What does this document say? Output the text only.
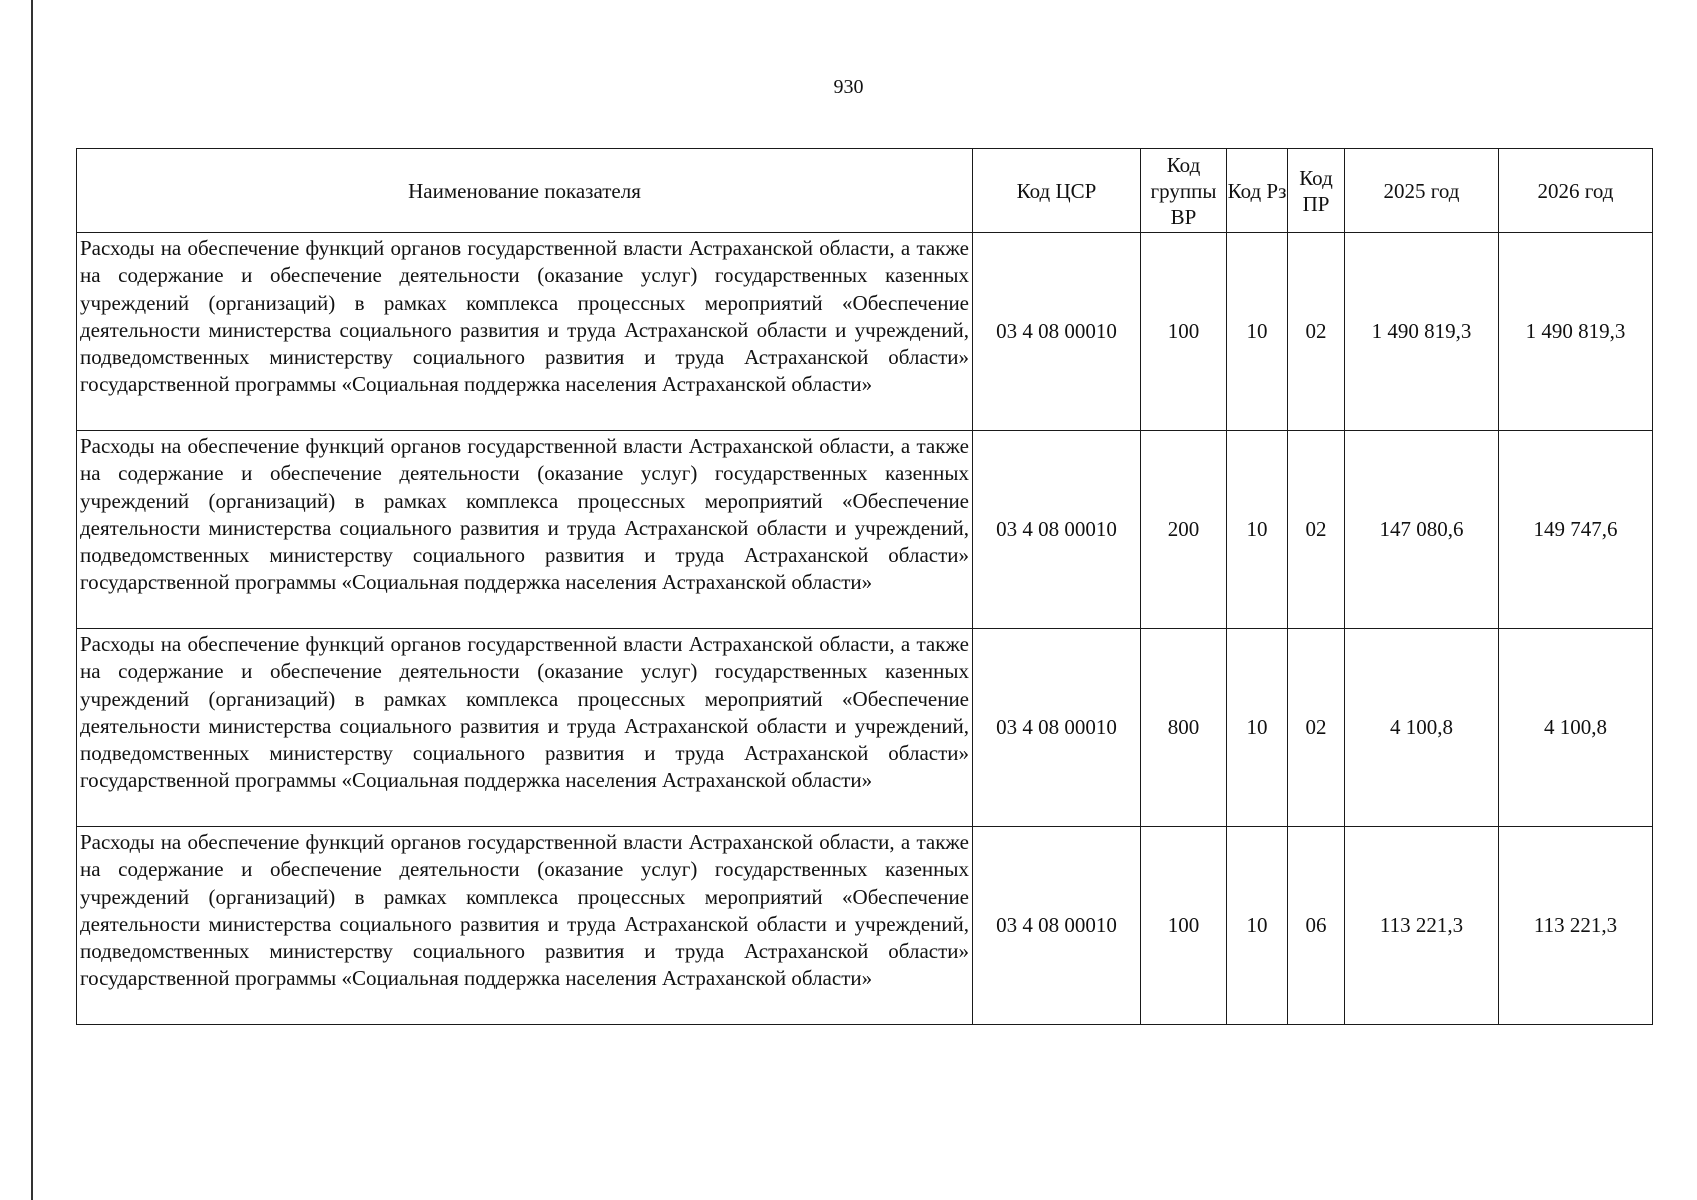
930
Наименование показателя	Код ЦСР	Код группы ВР	Код Рз	Код ПР	2025 год	2026 год
Расходы на обеспечение функций органов государственной власти Астраханской области, а также на содержание и обеспечение деятельности (оказание услуг) государственных казенных учреждений (организаций) в рамках комплекса процессных мероприятий «Обеспечение деятельности министерства социального развития и труда Астраханской области и учреждений, подведомственных министерству социального развития и труда Астраханской области» государственной программы «Социальная поддержка населения Астраханской области»	03 4 08 00010	100	10	02	1 490 819,3	1 490 819,3
Расходы на обеспечение функций органов государственной власти Астраханской области, а также на содержание и обеспечение деятельности (оказание услуг) государственных казенных учреждений (организаций) в рамках комплекса процессных мероприятий «Обеспечение деятельности министерства социального развития и труда Астраханской области и учреждений, подведомственных министерству социального развития и труда Астраханской области» государственной программы «Социальная поддержка населения Астраханской области»	03 4 08 00010	200	10	02	147 080,6	149 747,6
Расходы на обеспечение функций органов государственной власти Астраханской области, а также на содержание и обеспечение деятельности (оказание услуг) государственных казенных учреждений (организаций) в рамках комплекса процессных мероприятий «Обеспечение деятельности министерства социального развития и труда Астраханской области и учреждений, подведомственных министерству социального развития и труда Астраханской области» государственной программы «Социальная поддержка населения Астраханской области»	03 4 08 00010	800	10	02	4 100,8	4 100,8
Расходы на обеспечение функций органов государственной власти Астраханской области, а также на содержание и обеспечение деятельности (оказание услуг) государственных казенных учреждений (организаций) в рамках комплекса процессных мероприятий «Обеспечение деятельности министерства социального развития и труда Астраханской области и учреждений, подведомственных министерству социального развития и труда Астраханской области» государственной программы «Социальная поддержка населения Астраханской области»	03 4 08 00010	100	10	06	113 221,3	113 221,3
